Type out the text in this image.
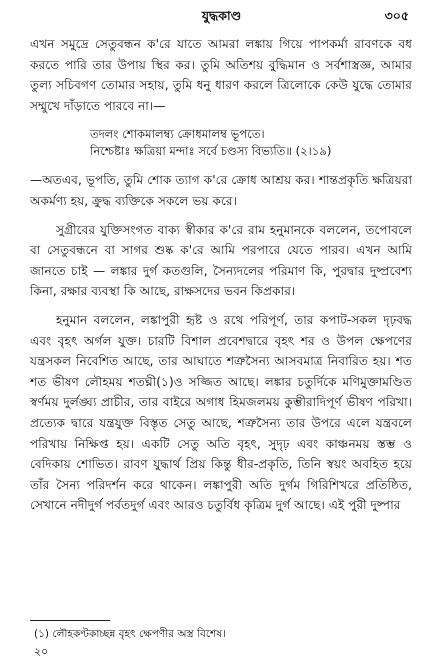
যুদ্ধকাণ্ড	৩০৫

এখন সমুদ্রে সেতুবন্ধন ক'রে যাতে আমরা লঙ্কায় গিয়ে পাপকর্মা রাবণকে বধ করতে পারি তার উপায় স্থির কর। তুমি অতিশয় বুদ্ধিমান ও সর্বশাস্ত্রজ্ঞ, আমার তুল্য সচিবগণ তোমার সহায়, তুমি ধনু ধারণ করলে ত্রিলোকে কেউ যুদ্ধে তোমার সম্মুখে দাঁড়াতে পারবে না।—

তদলং শোকমালম্ব্য ক্রোধমালম্ব ভূপতে।
নিশ্চেষ্টাঃ ক্ষত্রিয়া মন্দাঃ সর্বে চণ্ডস্য বিভ্যতি॥ (২।১৯)

—অতএব, ভূপতি, তুমি শোক ত্যাগ ক'রে ক্রোধ আশ্রয় কর। শান্তপ্রকৃতি ক্ষত্রিয়রা অকর্মণ্য হয়, ক্রুদ্ধ ব্যক্তিকে সকলে ভয় করে।

সুগ্রীবের যুক্তিসংগত বাক্য স্বীকার ক'রে রাম হনুমানকে বললেন, তপোবলে বা সেতুবন্ধনে বা সাগর শুষ্ক ক'রে আমি পরপারে যেতে পারব। এখন আমি জানতে চাই — লঙ্কার দুর্গ কতগুলি, সৈন্যদলের পরিমাণ কি, পুরদ্বার দুষ্প্রবেশ্য কিনা, রক্ষার ব্যবস্থা কি আছে, রাক্ষসদের ভবন কিপ্রকার।

হনুমান বললেন, লঙ্কাপুরী হৃষ্ট ও রথে পরিপূর্ণ, তার কপাট-সকল দৃঢ়বদ্ধ এবং বৃহৎ অর্গল যুক্ত। চারটি বিশাল প্রবেশদ্বারে বৃহৎ শর ও উপল ক্ষেপণের যন্ত্রসকল নিবেশিত আছে, তার আঘাতে শত্রুসৈন্য আসবমাত্র নিবারিত হয়। শত শত ভীষণ লৌহময় শতঘ্নী(১)ও সজ্জিত আছে। লঙ্কার চতুর্দিকে মণিমুক্তামণ্ডিত স্বর্ণময় দুর্লঙ্ঘ্য প্রাচীর, তার বাইরে অগাধ হিমজলময় কুম্ভীরাদিপূর্ণ ভীষণ পরিখা। প্রত্যেক দ্বারে যন্ত্রযুক্ত বিস্তৃত সেতু আছে, শত্রুসৈন্য তার উপরে এলে যন্ত্রবলে পরিখায় নিক্ষিপ্ত হয়। একটি সেতু অতি বৃহৎ, সুদৃঢ় এবং কাঞ্চনময় স্তম্ভ ও বেদিকায় শোভিত। রাবণ যুদ্ধার্থ প্রিয় কিন্তু ধীর-প্রকৃতি, তিনি স্বয়ং অবহিত হয়ে তাঁর সৈন্য পরিদর্শন করে থাকেন। লঙ্কাপুরী অতি দুর্গম গিরিশিখরে প্রতিষ্ঠিত, সেখানে নদীদুর্গ পর্বতদুর্গ এবং আরও চতুর্বিধ কৃত্রিম দুর্গ আছে। এই পুরী দুষ্পার

(১) লৌহকণ্টকাচ্ছন্ন বৃহৎ ক্ষেপণীর অস্ত্র বিশেষ।
২০
